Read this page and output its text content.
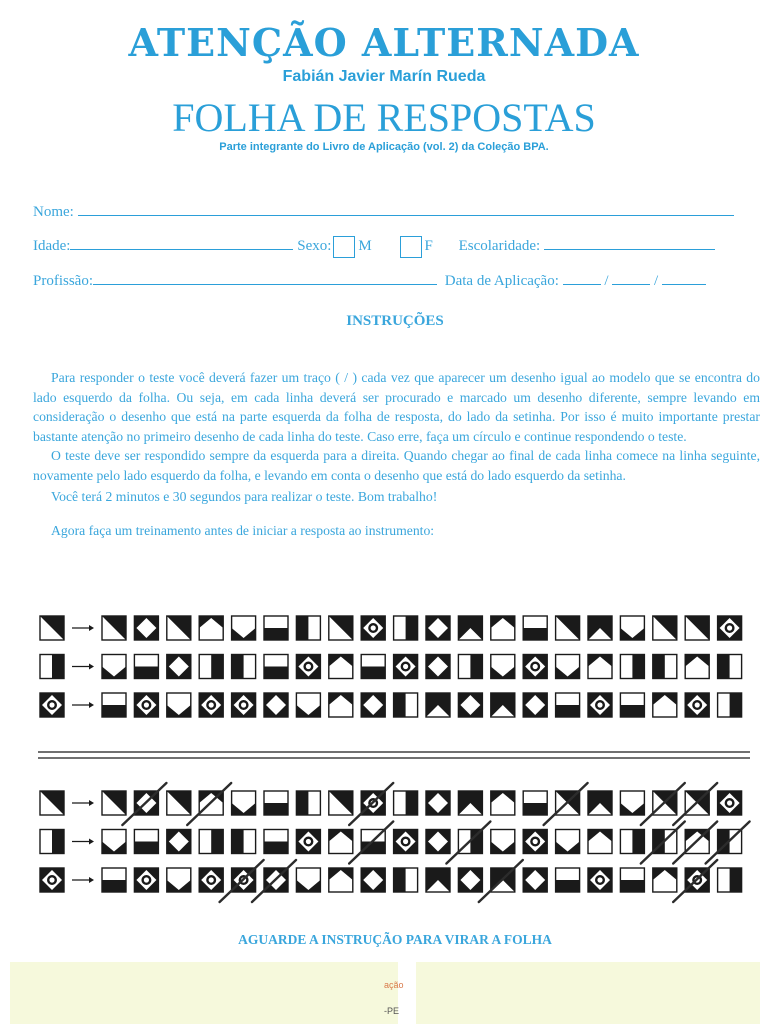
ATENÇÃO ALTERNADA
Fabián Javier Marín Rueda
FOLHA DE RESPOSTAS
Parte integrante do Livro de Aplicação (vol. 2) da Coleção BPA.
Nome:
Idade:	Sexo: M	F Escolaridade:
Profissão:	Data de Aplicação:	/	/
INSTRUÇÕES

Para responder o teste você deverá fazer um traço ( / ) cada vez que aparecer um desenho igual ao modelo que se encontra do lado esquerdo da folha. Ou seja, em cada linha deverá ser procurado e marcado um desenho diferente, sempre levando em consideração o desenho que está na parte esquerda da folha de resposta, do lado da setinha. Por isso é muito importante prestar bastante atenção no primeiro desenho de cada linha do teste. Caso erre, faça um círculo e continue respondendo o teste.

O teste deve ser respondido sempre da esquerda para a direita. Quando chegar ao final de cada linha comece na linha seguinte, novamente pelo lado esquerdo da folha, e levando em conta o desenho que está do lado esquerdo da setinha.

Você terá 2 minutos e 30 segundos para realizar o teste. Bom trabalho!

Agora faça um treinamento antes de iniciar a resposta ao instrumento:

AGUARDE A INSTRUÇÃO PARA VIRAR A FOLHA
ação
-PE
